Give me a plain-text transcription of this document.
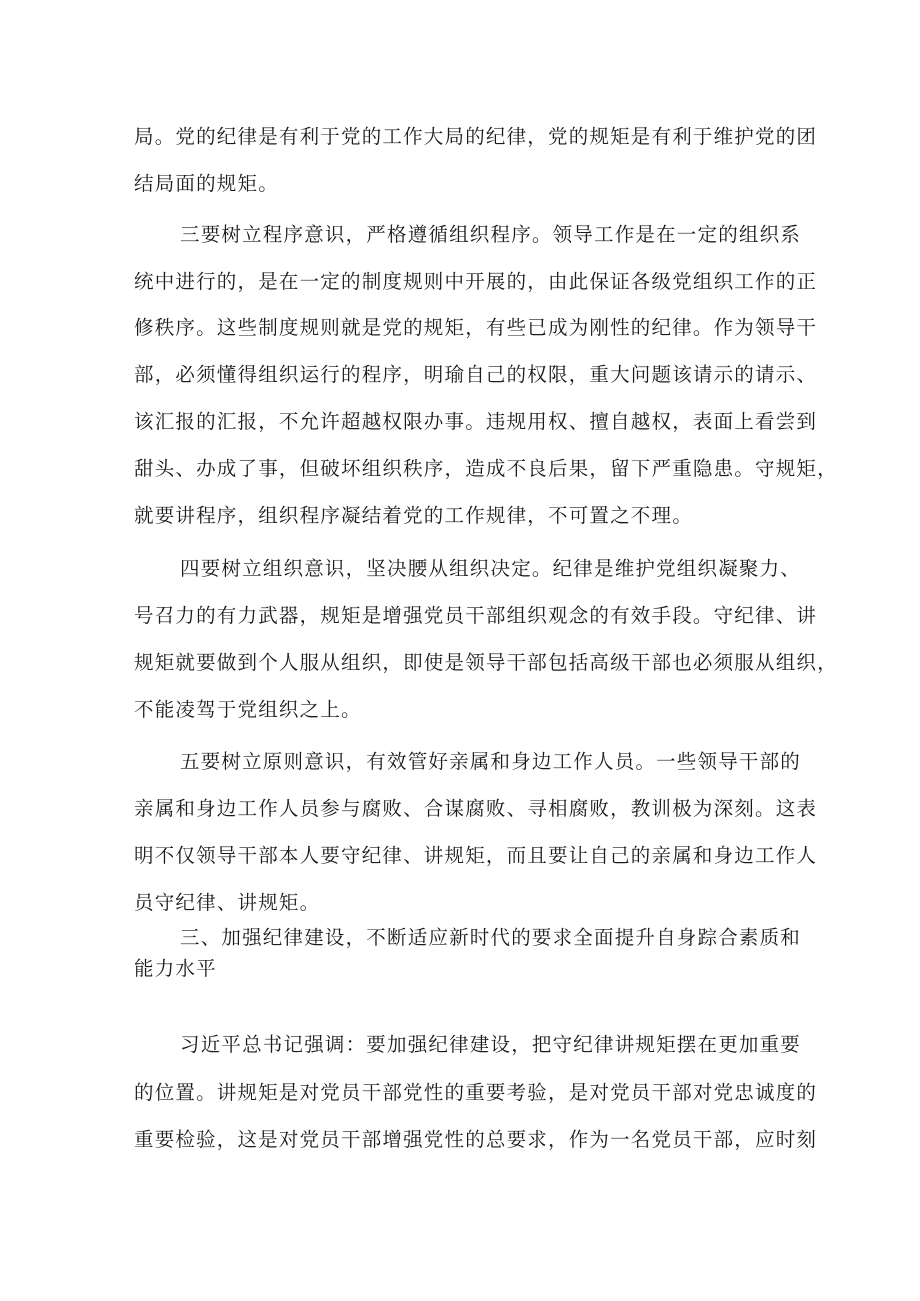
局。党的纪律是有利于党的工作大局的纪律，党的规矩是有利于维护党的团
结局面的规矩。
三要树立程序意识，严格遵循组织程序。领导工作是在一定的组织系
统中进行的，是在一定的制度规则中开展的，由此保证各级党组织工作的正
修秩序。这些制度规则就是党的规矩，有些已成为刚性的纪律。作为领导干
部，必须懂得组织运行的程序，明瑜自己的权限，重大问题该请示的请示、
该汇报的汇报，不允许超越权限办事。违规用权、擅自越权，表面上看尝到
甜头、办成了事，但破坏组织秩序，造成不良后果，留下严重隐患。守规矩，
就要讲程序，组织程序凝结着党的工作规律，不可置之不理。
四要树立组织意识，坚决腰从组织决定。纪律是维护党组织凝聚力、
号召力的有力武器，规矩是增强党员干部组织观念的有效手段。守纪律、讲
规矩就要做到个人服从组织，即使是领导干部包括高级干部也必须服从组织，
不能凌驾于党组织之上。
五要树立原则意识，有效管好亲属和身边工作人员。一些领导干部的
亲属和身边工作人员参与腐败、合谋腐败、寻相腐败，教训极为深刻。这表
明不仅领导干部本人要守纪律、讲规矩，而且要让自己的亲属和身边工作人
员守纪律、讲规矩。
三、加强纪律建设，不断适应新时代的要求全面提升自身踪合素质和
能力水平
习近平总书记强调：要加强纪律建设，把守纪律讲规矩摆在更加重要
的位置。讲规矩是对党员干部党性的重要考验，是对党员干部对党忠诚度的
重要检验，这是对党员干部增强党性的总要求，作为一名党员干部，应时刻
